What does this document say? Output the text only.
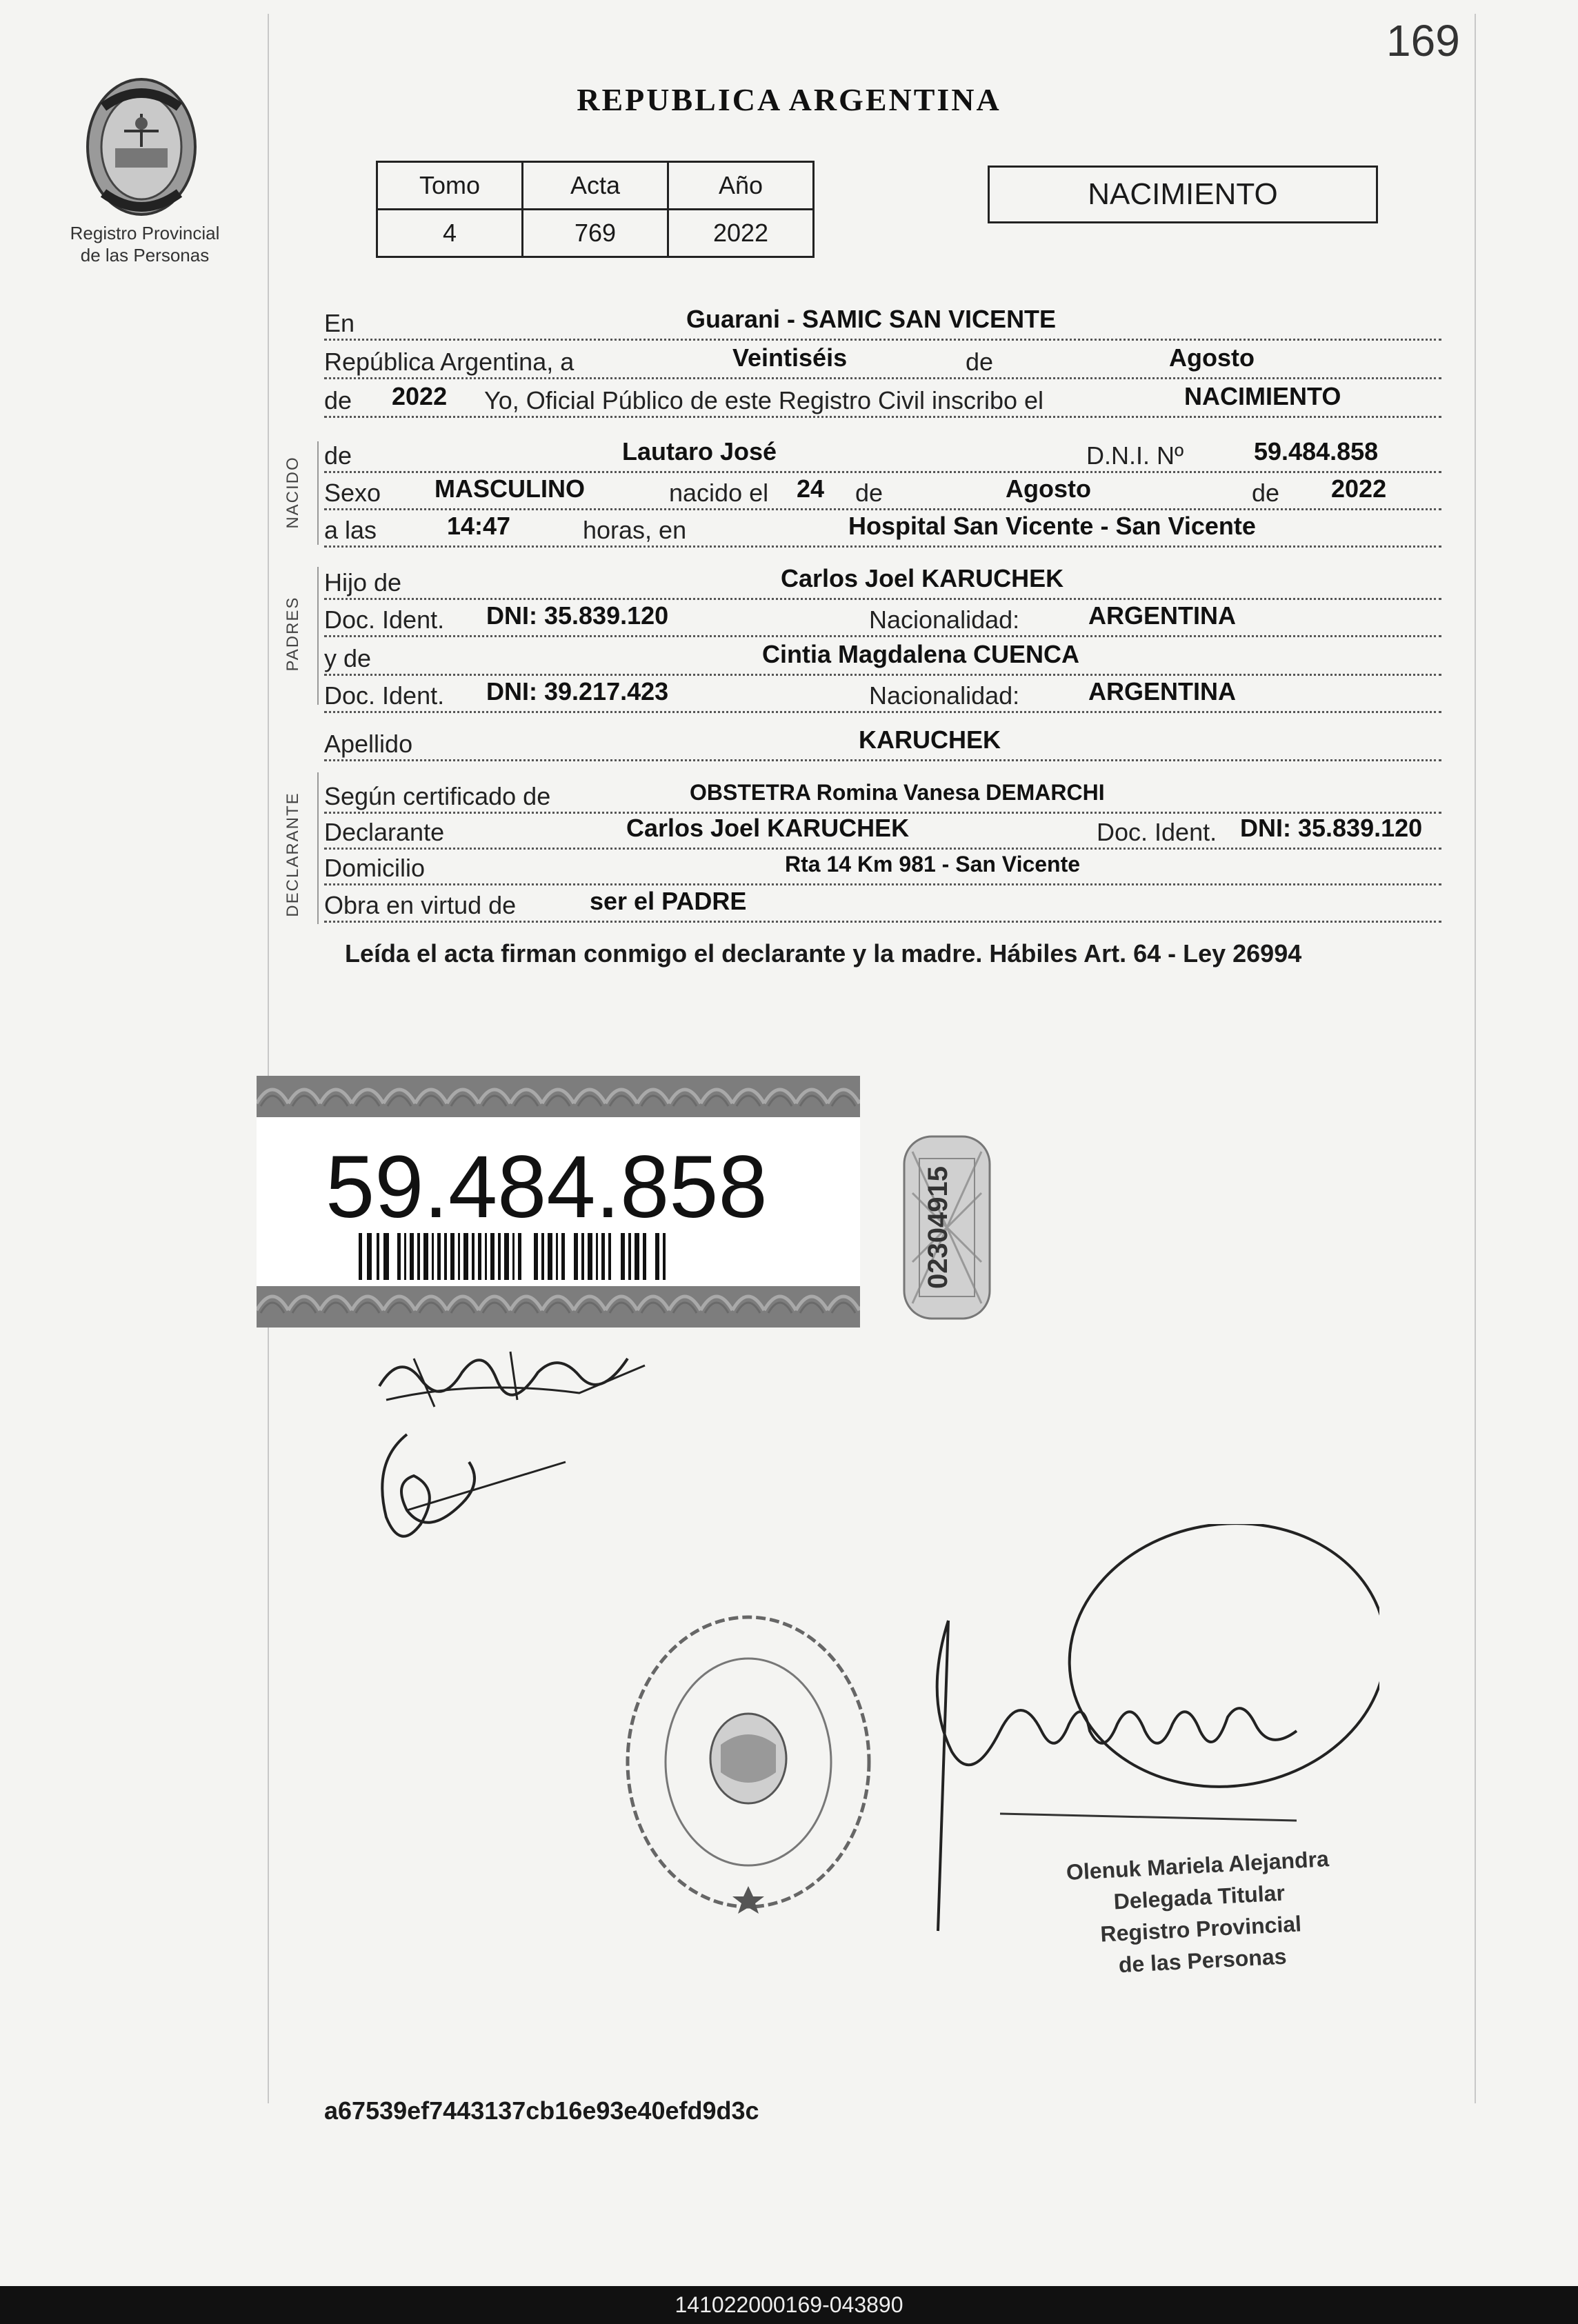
169
Registro Provincial
de las Personas
REPUBLICA ARGENTINA
Tomo	Acta	Año
4	769	2022
NACIMIENTO
NACIDO
PADRES
DECLARANTE
En	Guarani - SAMIC SAN VICENTE
República Argentina, a	Veintiséis	de	Agosto
de 2022 Yo, Oficial Público de este Registro Civil inscribo el	NACIMIENTO
de	Lautaro José	D.N.I. Nº	59.484.858
Sexo MASCULINO	nacido el 24 de	Agosto	de 2022
a las	14:47	horas, en	Hospital San Vicente - San Vicente
Hijo de	Carlos Joel KARUCHEK
Doc. Ident. DNI: 35.839.120	Nacionalidad:	ARGENTINA
y de	Cintia Magdalena CUENCA
Doc. Ident. DNI: 39.217.423	Nacionalidad:	ARGENTINA
Apellido	KARUCHEK
Según certificado de	OBSTETRA Romina Vanesa DEMARCHI
Declarante	Carlos Joel KARUCHEK	Doc. Ident. DNI: 35.839.120
Domicilio	Rta 14 Km 981 - San Vicente
Obra en virtud de	ser el PADRE
Leída el acta firman conmigo el declarante y la madre. Hábiles Art. 64 - Ley 26994
59.484.858	02304915
Olenuk Mariela Alejandra
Delegada Titular
Registro Provincial
de las Personas
a67539ef7443137cb16e93e40efd9d3c
141022000169-043890
